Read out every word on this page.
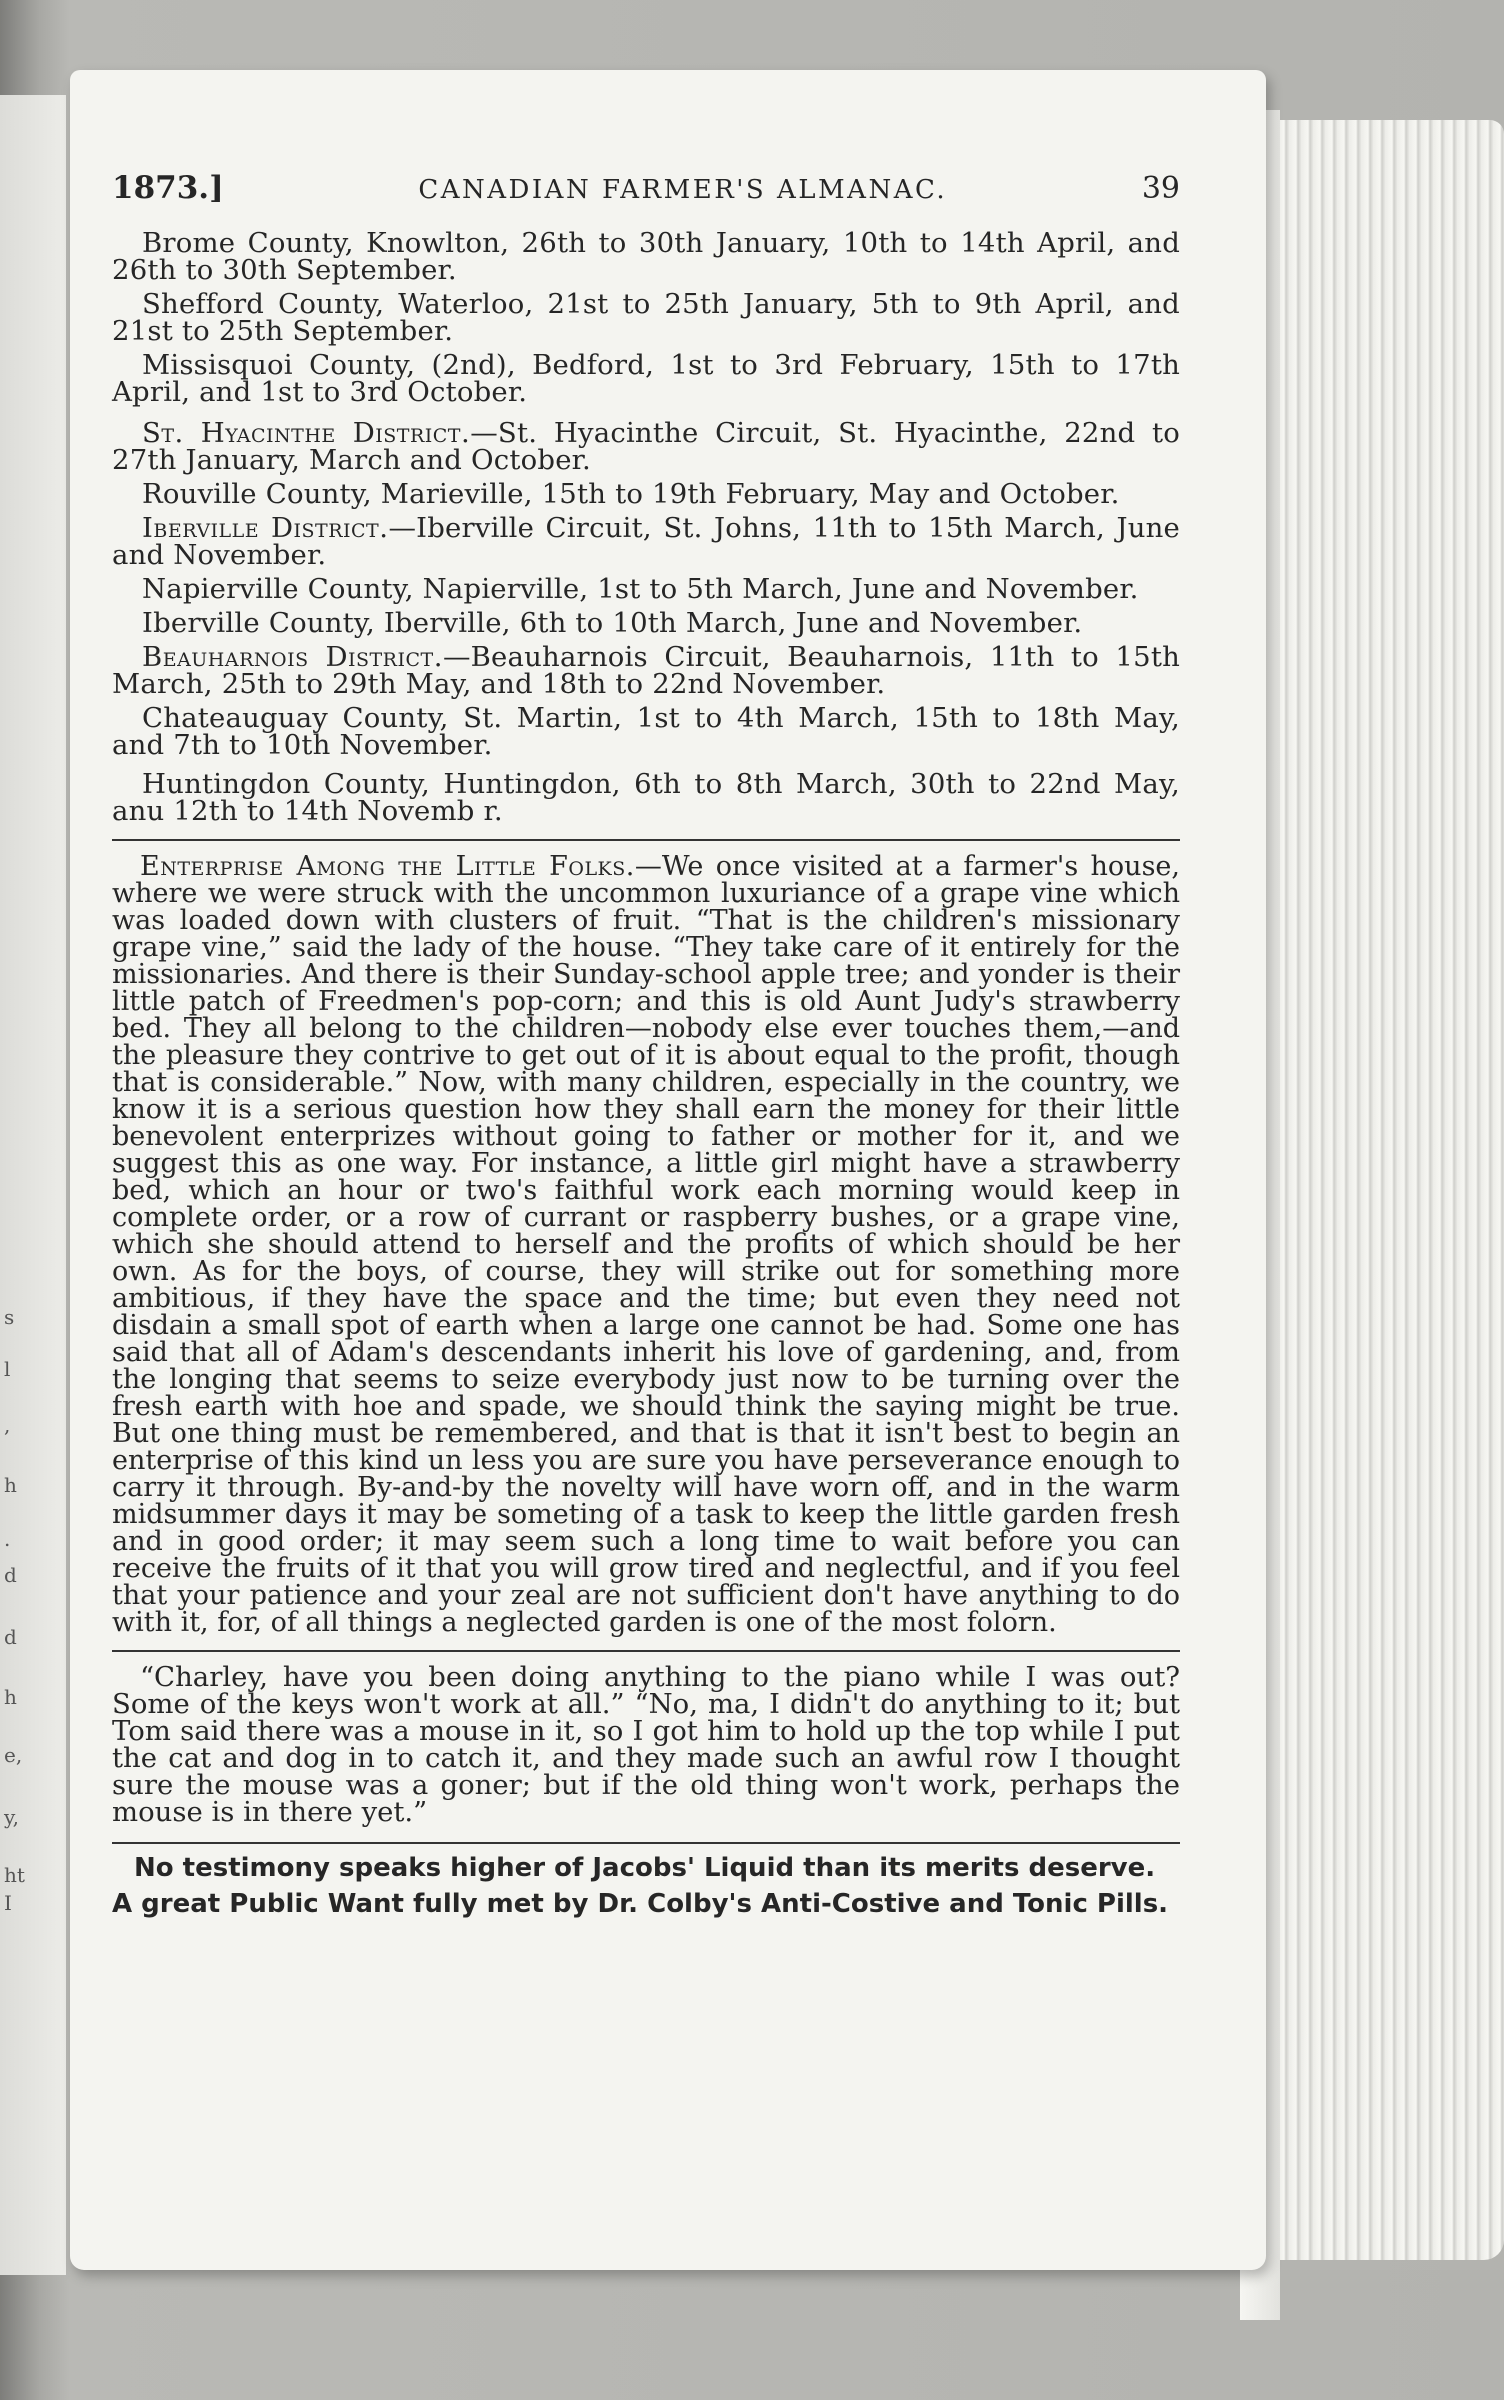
s
l
,
h
.
d
d
h
e,
y,
ht
I
1873.]	CANADIAN FARMER'S ALMANAC.	39

Brome County, Knowlton, 26th to 30th January, 10th to 14th April, and 26th to 30th September.

Shefford County, Waterloo, 21st to 25th January, 5th to 9th April, and 21st to 25th September.

Missisquoi County, (2nd), Bedford, 1st to 3rd February, 15th to 17th April, and 1st to 3rd October.

St. Hyacinthe District.—St. Hyacinthe Circuit, St. Hyacinthe, 22nd to 27th January, March and October.

Rouville County, Marieville, 15th to 19th February, May and October.

Iberville District.—Iberville Circuit, St. Johns, 11th to 15th March, June and November.

Napierville County, Napierville, 1st to 5th March, June and November.

Iberville County, Iberville, 6th to 10th March, June and November.

Beauharnois District.—Beauharnois Circuit, Beauharnois, 11th to 15th March, 25th to 29th May, and 18th to 22nd November.

Chateauguay County, St. Martin, 1st to 4th March, 15th to 18th May, and 7th to 10th November.

Huntingdon County, Huntingdon, 6th to 8th March, 30th to 22nd May, anu 12th to 14th Novemb r.

Enterprise Among the Little Folks.—We once visited at a farmer's house, where we were struck with the uncommon luxuriance of a grape vine which was loaded down with clusters of fruit. “That is the children's missionary grape vine,” said the lady of the house. “They take care of it entirely for the missionaries. And there is their Sunday-school apple tree; and yonder is their little patch of Freedmen's pop-corn; and this is old Aunt Judy's strawberry bed. They all belong to the children—nobody else ever touches them,—and the pleasure they contrive to get out of it is about equal to the profit, though that is considerable.” Now, with many children, especially in the country, we know it is a serious question how they shall earn the money for their little benevolent enterprizes without going to father or mother for it, and we suggest this as one way. For instance, a little girl might have a strawberry bed, which an hour or two's faithful work each morning would keep in complete order, or a row of currant or raspberry bushes, or a grape vine, which she should attend to herself and the profits of which should be her own. As for the boys, of course, they will strike out for something more ambitious, if they have the space and the time; but even they need not disdain a small spot of earth when a large one cannot be had. Some one has said that all of Adam's descendants inherit his love of gardening, and, from the longing that seems to seize everybody just now to be turning over the fresh earth with hoe and spade, we should think the saying might be true. But one thing must be remembered, and that is that it isn't best to begin an enterprise of this kind un less you are sure you have perseverance enough to carry it through. By-and-by the novelty will have worn off, and in the warm midsummer days it may be someting of a task to keep the little garden fresh and in good order; it may seem such a long time to wait before you can receive the fruits of it that you will grow tired and neglectful, and if you feel that your patience and your zeal are not sufficient don't have anything to do with it, for, of all things a neglected garden is one of the most folorn.

“Charley, have you been doing anything to the piano while I was out? Some of the keys won't work at all.” “No, ma, I didn't do anything to it; but Tom said there was a mouse in it, so I got him to hold up the top while I put the cat and dog in to catch it, and they made such an awful row I thought sure the mouse was a goner; but if the old thing won't work, perhaps the mouse is in there yet.”

No testimony speaks higher of Jacobs' Liquid than its merits deserve.
A great Public Want fully met by Dr. Colby's Anti-Costive and Tonic Pills.
